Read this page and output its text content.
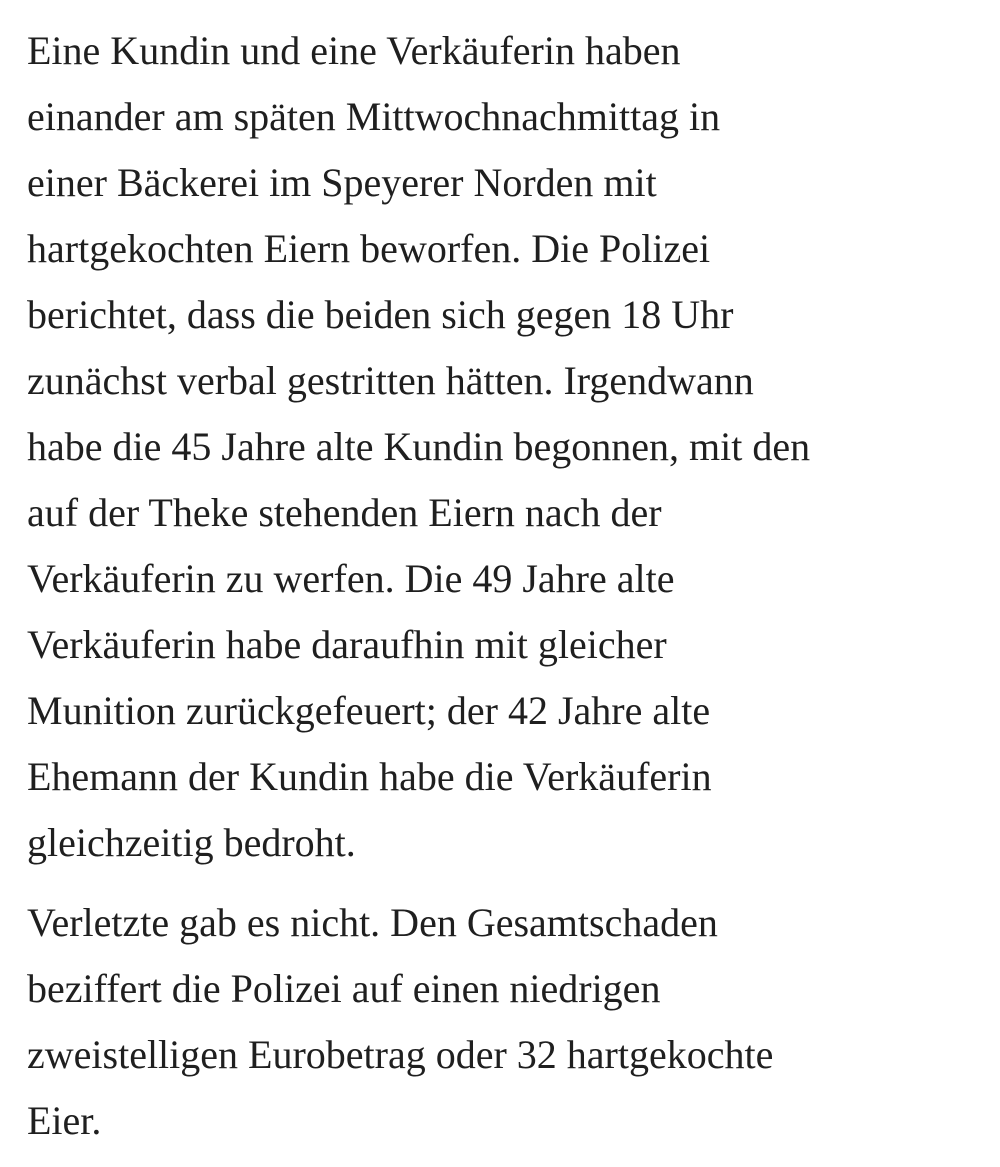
Eine Kundin und eine Verkäuferin haben
einander am späten Mittwochnachmittag in
einer Bäckerei im Speyerer Norden mit
hartgekochten Eiern beworfen. Die Polizei
berichtet, dass die beiden sich gegen 18 Uhr
zunächst verbal gestritten hätten. Irgendwann
habe die 45 Jahre alte Kundin begonnen, mit den
auf der Theke stehenden Eiern nach der
Verkäuferin zu werfen. Die 49 Jahre alte
Verkäuferin habe daraufhin mit gleicher
Munition zurückgefeuert; der 42 Jahre alte
Ehemann der Kundin habe die Verkäuferin
gleichzeitig bedroht.

Verletzte gab es nicht. Den Gesamtschaden
beziffert die Polizei auf einen niedrigen
zweistelligen Eurobetrag oder 32 hartgekochte
Eier.
